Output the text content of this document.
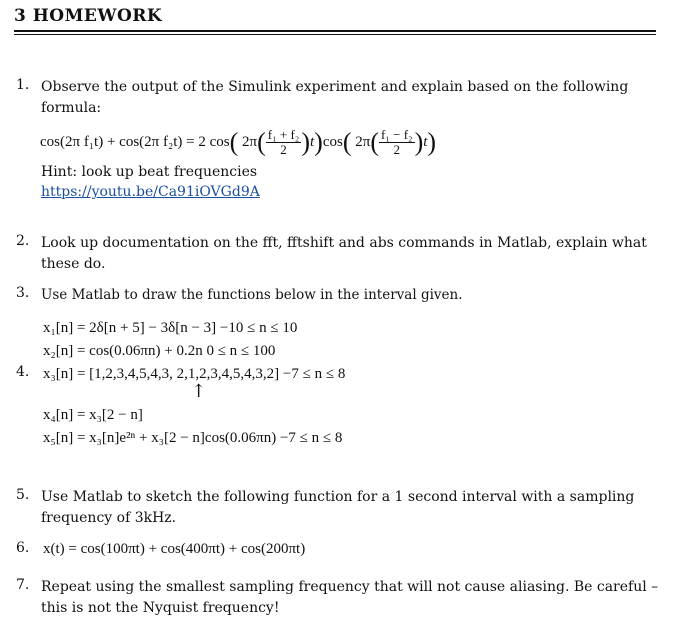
3 HOMEWORK
1. Observe the output of the Simulink experiment and explain based on the following formula:
cos(2π f₁t) + cos(2π f₂t) = 2 cos( $2\pi( \frac{\text{f₁ + f₂}}{2} )t)\cos$( $2\pi( \frac{\text{f₁ − f₂}}{2} )t$)
Hint: look up beat frequencies
https://youtu.be/Ca91iOVGd9A
2. Look up documentation on the fft, fftshift and abs commands in Matlab, explain what these do.
3. Use Matlab to draw the functions below in the interval given.
x₁[n] = 2δ[n + 5] − 3δ[n − 3] −10 ≤ n ≤ 10
x₂[n] = cos(0.06πn) + 0.2n 0 ≤ n ≤ 100
4. x₃[n] = [1,2,3,4,5,4,3, 2,1,2,3,4,5,4,3,2] −7 ≤ n ≤ 8
↑
x₄[n] = x₃[2 − n]
x₅[n] = x₃[n]e²ⁿ + x₃[2 − n]cos(0.06πn) −7 ≤ n ≤ 8
5. Use Matlab to sketch the following function for a 1 second interval with a sampling frequency of 3kHz.
6. x(t) = cos(100πt) + cos(400πt) + cos(200πt)
7. Repeat using the smallest sampling frequency that will not cause aliasing. Be careful – this is not the Nyquist frequency!
